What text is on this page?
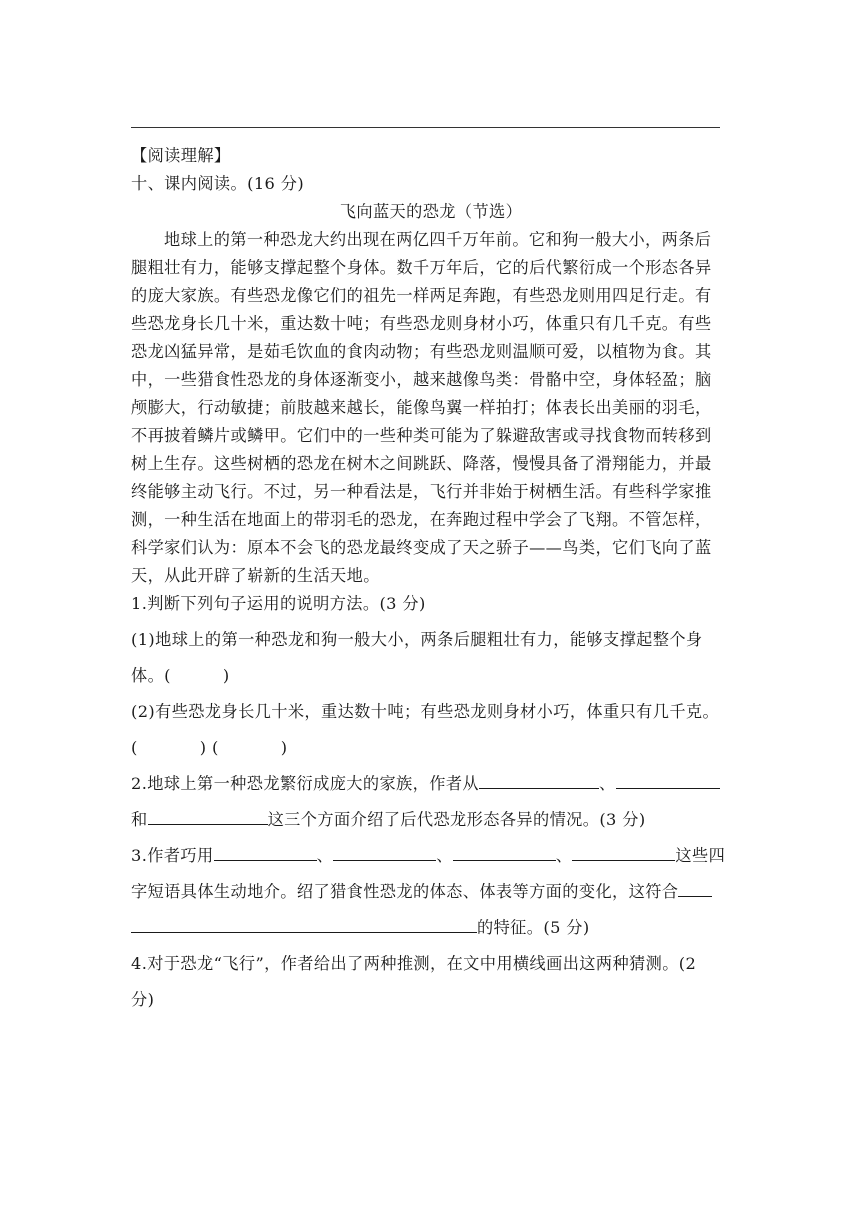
【阅读理解】

十、课内阅读。(16 分)

飞向蓝天的恐龙（节选）

地球上的第一种恐龙大约出现在两亿四千万年前。它和狗一般大小，两条后

腿粗壮有力，能够支撑起整个身体。数千万年后，它的后代繁衍成一个形态各异

的庞大家族。有些恐龙像它们的祖先一样两足奔跑，有些恐龙则用四足行走。有

些恐龙身长几十米，重达数十吨；有些恐龙则身材小巧，体重只有几千克。有些

恐龙凶猛异常，是茹毛饮血的食肉动物；有些恐龙则温顺可爱，以植物为食。其

中，一些猎食性恐龙的身体逐渐变小，越来越像鸟类：骨骼中空，身体轻盈；脑

颅膨大，行动敏捷；前肢越来越长，能像鸟翼一样拍打；体表长出美丽的羽毛，

不再披着鳞片或鳞甲。它们中的一些种类可能为了躲避敌害或寻找食物而转移到

树上生存。这些树栖的恐龙在树木之间跳跃、降落，慢慢具备了滑翔能力，并最

终能够主动飞行。不过，另一种看法是，飞行并非始于树栖生活。有些科学家推

测，一种生活在地面上的带羽毛的恐龙，在奔跑过程中学会了飞翔。不管怎样，

科学家们认为：原本不会飞的恐龙最终变成了天之骄子——鸟类，它们飞向了蓝

天，从此开辟了崭新的生活天地。

1.判断下列句子运用的说明方法。(3 分)

(1)地球上的第一种恐龙和狗一般大小，两条后腿粗壮有力，能够支撑起整个身

体。(	)

(2)有些恐龙身长几十米，重达数十吨；有些恐龙则身材小巧，体重只有几千克。

(	) (	)

2.地球上第一种恐龙繁衍成庞大的家族，作者从	、

和	这三个方面介绍了后代恐龙形态各异的情况。(3 分)

3.作者巧用	、	、	、	这些四

字短语具体生动地介。绍了猎食性恐龙的体态、体表等方面的变化，这符合

的特征。(5 分)

4.对于恐龙“飞行”，作者给出了两种推测，在文中用横线画出这两种猜测。(2

分)
